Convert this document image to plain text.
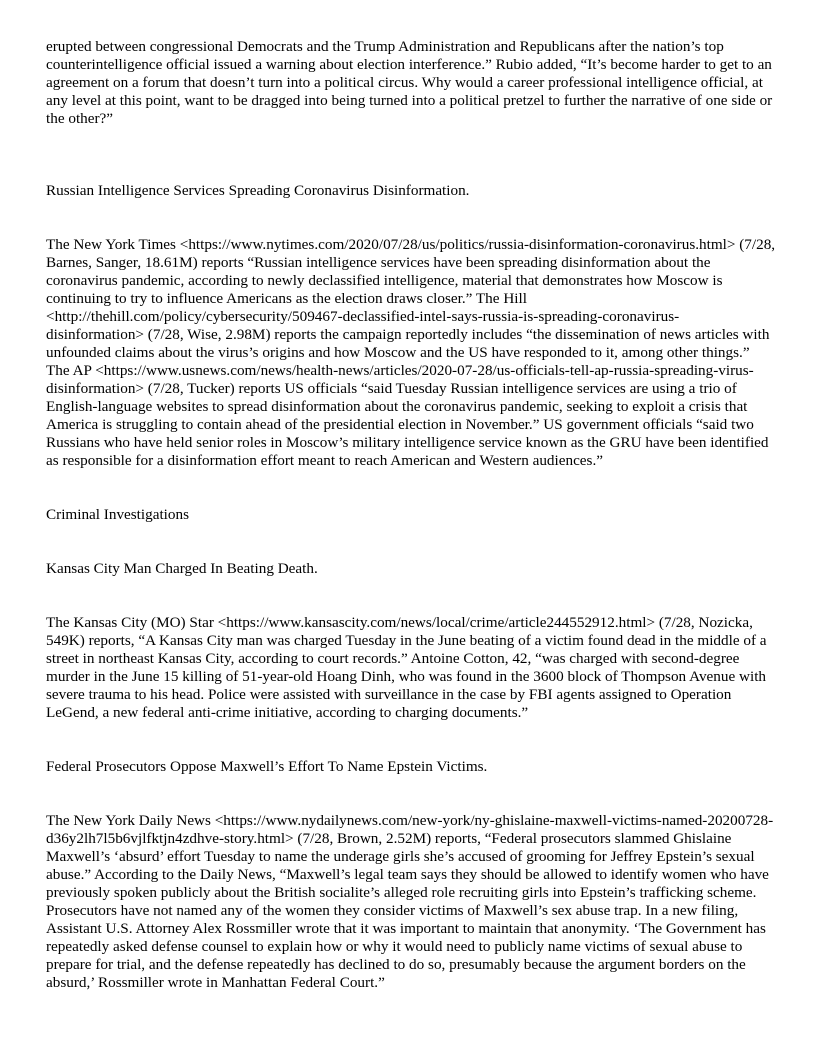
erupted between congressional Democrats and the Trump Administration and Republicans after the nation’s top counterintelligence official issued a warning about election interference.” Rubio added, “It’s become harder to get to an agreement on a forum that doesn’t turn into a political circus. Why would a career professional intelligence official, at any level at this point, want to be dragged into being turned into a political pretzel to further the narrative of one side or the other?”

Russian Intelligence Services Spreading Coronavirus Disinformation.

The New York Times <https://www.nytimes.com/2020/07/28/us/politics/russia-disinformation-coronavirus.html> (7/28, Barnes, Sanger, 18.61M) reports “Russian intelligence services have been spreading disinformation about the coronavirus pandemic, according to newly declassified intelligence, material that demonstrates how Moscow is continuing to try to influence Americans as the election draws closer.” The Hill <http://thehill.com/policy/cybersecurity/509467-declassified-intel-says-russia-is-spreading-coronavirus-disinformation> (7/28, Wise, 2.98M) reports the campaign reportedly includes “the dissemination of news articles with unfounded claims about the virus’s origins and how Moscow and the US have responded to it, among other things.” The AP <https://www.usnews.com/news/health-news/articles/2020-07-28/us-officials-tell-ap-russia-spreading-virus-disinformation> (7/28, Tucker) reports US officials “said Tuesday Russian intelligence services are using a trio of English-language websites to spread disinformation about the coronavirus pandemic, seeking to exploit a crisis that America is struggling to contain ahead of the presidential election in November.” US government officials “said two Russians who have held senior roles in Moscow’s military intelligence service known as the GRU have been identified as responsible for a disinformation effort meant to reach American and Western audiences.”

Criminal Investigations

Kansas City Man Charged In Beating Death.

The Kansas City (MO) Star <https://www.kansascity.com/news/local/crime/article244552912.html> (7/28, Nozicka, 549K) reports, “A Kansas City man was charged Tuesday in the June beating of a victim found dead in the middle of a street in northeast Kansas City, according to court records.” Antoine Cotton, 42, “was charged with second-degree murder in the June 15 killing of 51-year-old Hoang Dinh, who was found in the 3600 block of Thompson Avenue with severe trauma to his head. Police were assisted with surveillance in the case by FBI agents assigned to Operation LeGend, a new federal anti-crime initiative, according to charging documents.”

Federal Prosecutors Oppose Maxwell’s Effort To Name Epstein Victims.

The New York Daily News <https://www.nydailynews.com/new-york/ny-ghislaine-maxwell-victims-named-20200728-d36y2lh7l5b6vjlfktjn4zdhve-story.html> (7/28, Brown, 2.52M) reports, “Federal prosecutors slammed Ghislaine Maxwell’s ‘absurd’ effort Tuesday to name the underage girls she’s accused of grooming for Jeffrey Epstein’s sexual abuse.” According to the Daily News, “Maxwell’s legal team says they should be allowed to identify women who have previously spoken publicly about the British socialite’s alleged role recruiting girls into Epstein’s trafficking scheme. Prosecutors have not named any of the women they consider victims of Maxwell’s sex abuse trap. In a new filing, Assistant U.S. Attorney Alex Rossmiller wrote that it was important to maintain that anonymity. ‘The Government has repeatedly asked defense counsel to explain how or why it would need to publicly name victims of sexual abuse to prepare for trial, and the defense repeatedly has declined to do so, presumably because the argument borders on the absurd,’ Rossmiller wrote in Manhattan Federal Court.”
